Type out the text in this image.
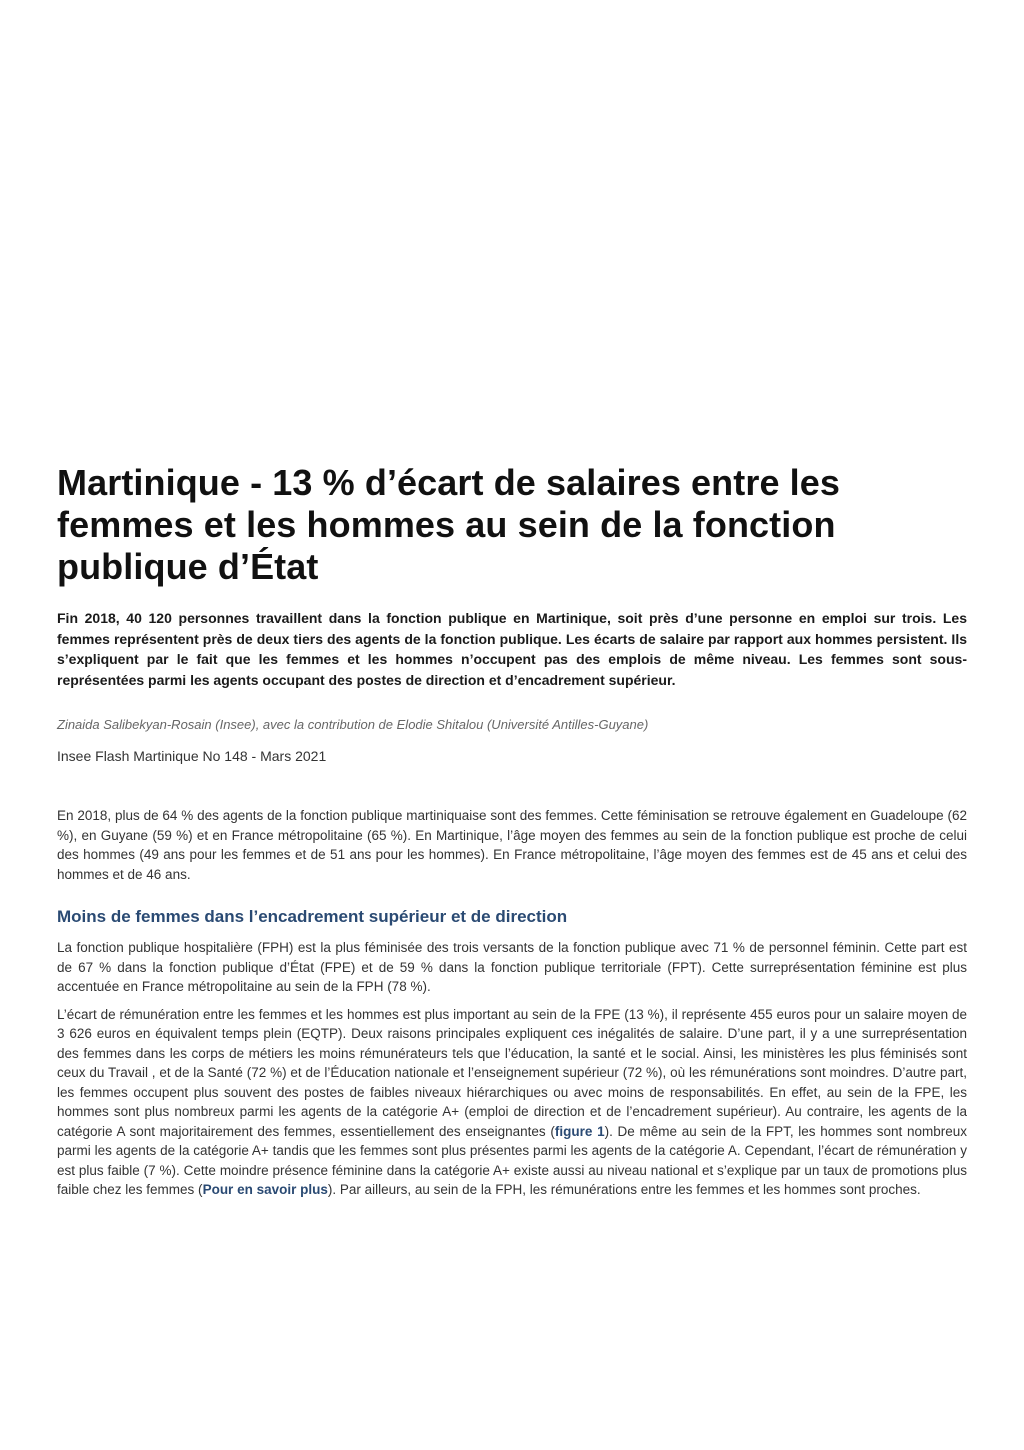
Martinique - 13 % d’écart de salaires entre les femmes et les hommes au sein de la fonction publique d’État

Fin 2018, 40 120 personnes travaillent dans la fonction publique en Martinique, soit près d’une personne en emploi sur trois. Les femmes représentent près de deux tiers des agents de la fonction publique. Les écarts de salaire par rapport aux hommes persistent. Ils s’expliquent par le fait que les femmes et les hommes n’occupent pas des emplois de même niveau. Les femmes sont sous-représentées parmi les agents occupant des postes de direction et d’encadrement supérieur.

Zinaida Salibekyan-Rosain (Insee), avec la contribution de Elodie Shitalou (Université Antilles-Guyane)

Insee Flash Martinique No 148 - Mars 2021

En 2018, plus de 64 % des agents de la fonction publique martiniquaise sont des femmes. Cette féminisation se retrouve également en Guadeloupe (62 %), en Guyane (59 %) et en France métropolitaine (65 %). En Martinique, l’âge moyen des femmes au sein de la fonction publique est proche de celui des hommes (49 ans pour les femmes et de 51 ans pour les hommes). En France métropolitaine, l’âge moyen des femmes est de 45 ans et celui des hommes et de 46 ans.

Moins de femmes dans l’encadrement supérieur et de direction

La fonction publique hospitalière (FPH) est la plus féminisée des trois versants de la fonction publique avec 71 % de personnel féminin. Cette part est de 67 % dans la fonction publique d’État (FPE) et de 59 % dans la fonction publique territoriale (FPT). Cette surreprésentation féminine est plus accentuée en France métropolitaine au sein de la FPH (78 %).

L’écart de rémunération entre les femmes et les hommes est plus important au sein de la FPE (13 %), il représente 455 euros pour un salaire moyen de 3 626 euros en équivalent temps plein (EQTP). Deux raisons principales expliquent ces inégalités de salaire. D’une part, il y a une surreprésentation des femmes dans les corps de métiers les moins rémunérateurs tels que l’éducation, la santé et le social. Ainsi, les ministères les plus féminisés sont ceux du Travail , et de la Santé (72 %) et de l’Éducation nationale et l’enseignement supérieur (72 %), où les rémunérations sont moindres. D’autre part, les femmes occupent plus souvent des postes de faibles niveaux hiérarchiques ou avec moins de responsabilités. En effet, au sein de la FPE, les hommes sont plus nombreux parmi les agents de la catégorie A+ (emploi de direction et de l’encadrement supérieur). Au contraire, les agents de la catégorie A sont majoritairement des femmes, essentiellement des enseignantes (figure 1). De même au sein de la FPT, les hommes sont nombreux parmi les agents de la catégorie A+ tandis que les femmes sont plus présentes parmi les agents de la catégorie A. Cependant, l’écart de rémunération y est plus faible (7 %). Cette moindre présence féminine dans la catégorie A+ existe aussi au niveau national et s’explique par un taux de promotions plus faible chez les femmes (Pour en savoir plus). Par ailleurs, au sein de la FPH, les rémunérations entre les femmes et les hommes sont proches.
